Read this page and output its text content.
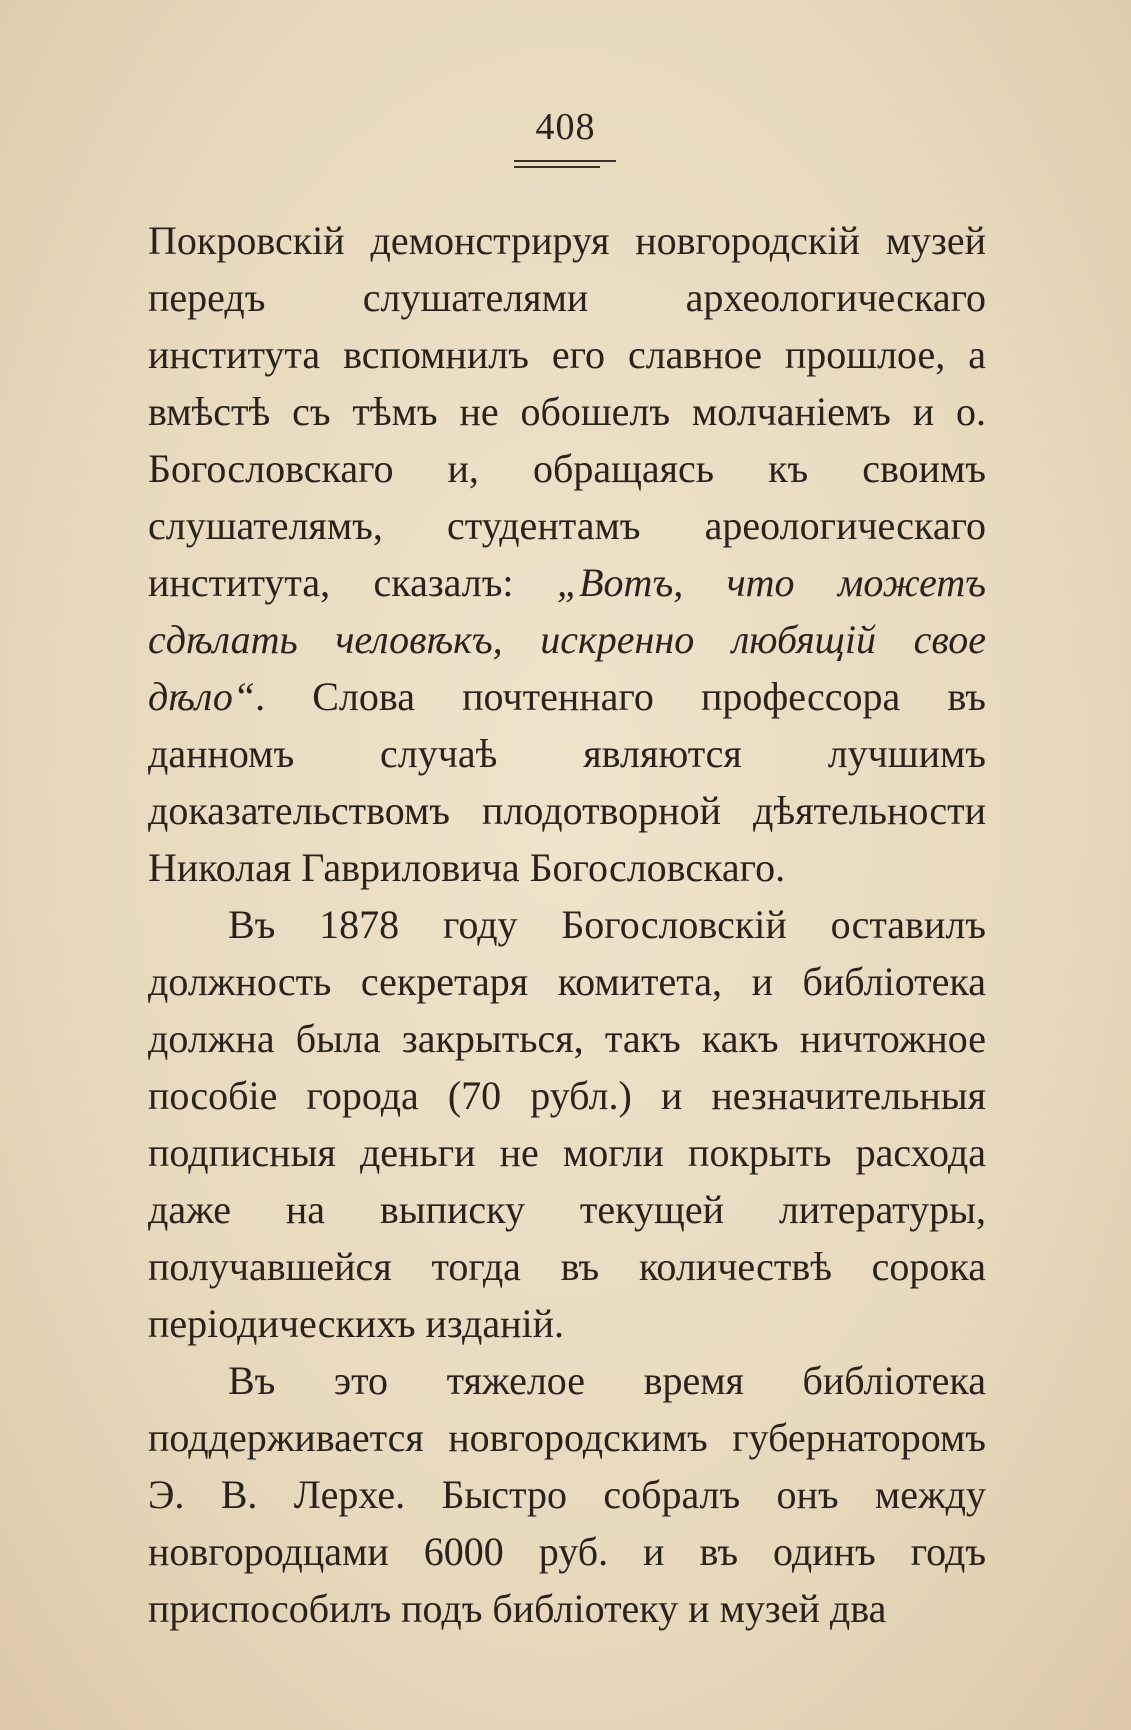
408

Покровскій демонстрируя новгородскій музей передъ слушателями археологическаго института вспомнилъ его славное прошлое, а вмѣстѣ съ тѣмъ не обошелъ молчаніемъ и о. Богословскаго и, обращаясь къ своимъ слушателямъ, студентамъ ареологическаго института, сказалъ: „Вотъ, что можетъ сдѣлать человѣкъ, искренно любящій свое дѣло“. Слова почтеннаго профессора въ данномъ случаѣ являются лучшимъ доказательствомъ плодотворной дѣятельности Николая Гавриловича Богословскаго.

Въ 1878 году Богословскій оставилъ должность секретаря комитета, и библіотека должна была закрыться, такъ какъ ничтожное пособіе города (70 рубл.) и незначительныя подписныя деньги не могли покрыть расхода даже на выписку текущей литературы, получавшейся тогда въ количествѣ сорока періодическихъ изданій.

Въ это тяжелое время библіотека поддерживается новгородскимъ губернаторомъ Э. В. Лерхе. Быстро собралъ онъ между новгородцами 6000 руб. и въ одинъ годъ приспособилъ подъ библіотеку и музей два
